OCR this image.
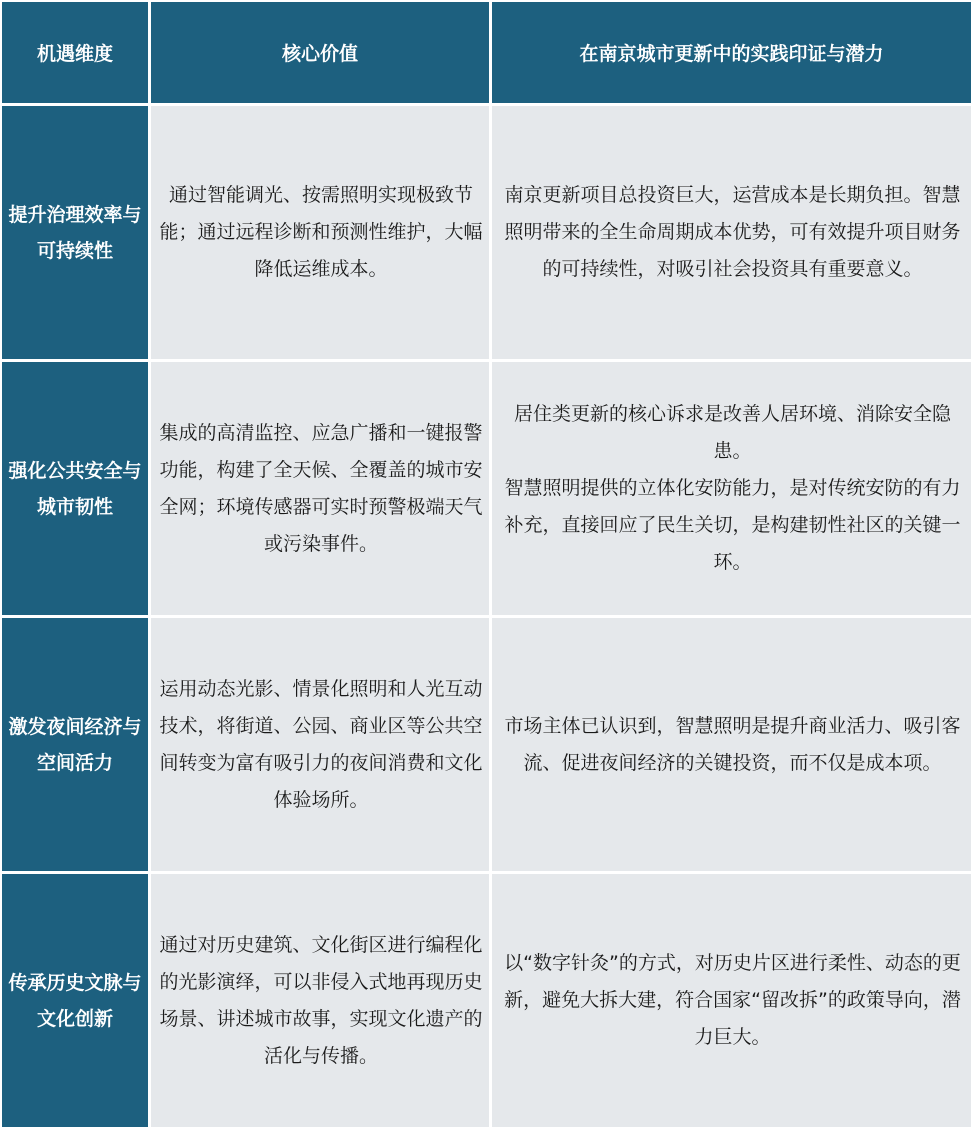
机遇维度	核心价值	在南京城市更新中的实践印证与潜力
提升治理效率与可持续性
通过智能调光、按需照明实现极致节能；通过远程诊断和预测性维护，大幅降低运维成本。
南京更新项目总投资巨大，运营成本是长期负担。智慧照明带来的全生命周期成本优势，可有效提升项目财务的可持续性，对吸引社会投资具有重要意义。
强化公共安全与城市韧性
集成的高清监控、应急广播和一键报警功能，构建了全天候、全覆盖的城市安全网；环境传感器可实时预警极端天气或污染事件。
居住类更新的核心诉求是改善人居环境、消除安全隐患。
智慧照明提供的立体化安防能力，是对传统安防的有力补充，直接回应了民生关切，是构建韧性社区的关键一环。
激发夜间经济与空间活力
运用动态光影、情景化照明和人光互动技术，将街道、公园、商业区等公共空间转变为富有吸引力的夜间消费和文化体验场所。
市场主体已认识到，智慧照明是提升商业活力、吸引客流、促进夜间经济的关键投资，而不仅是成本项。
传承历史文脉与文化创新
通过对历史建筑、文化街区进行编程化的光影演绎，可以非侵入式地再现历史场景、讲述城市故事，实现文化遗产的活化与传播。
以“数字针灸”的方式，对历史片区进行柔性、动态的更新，避免大拆大建，符合国家“留改拆”的政策导向，潜力巨大。
